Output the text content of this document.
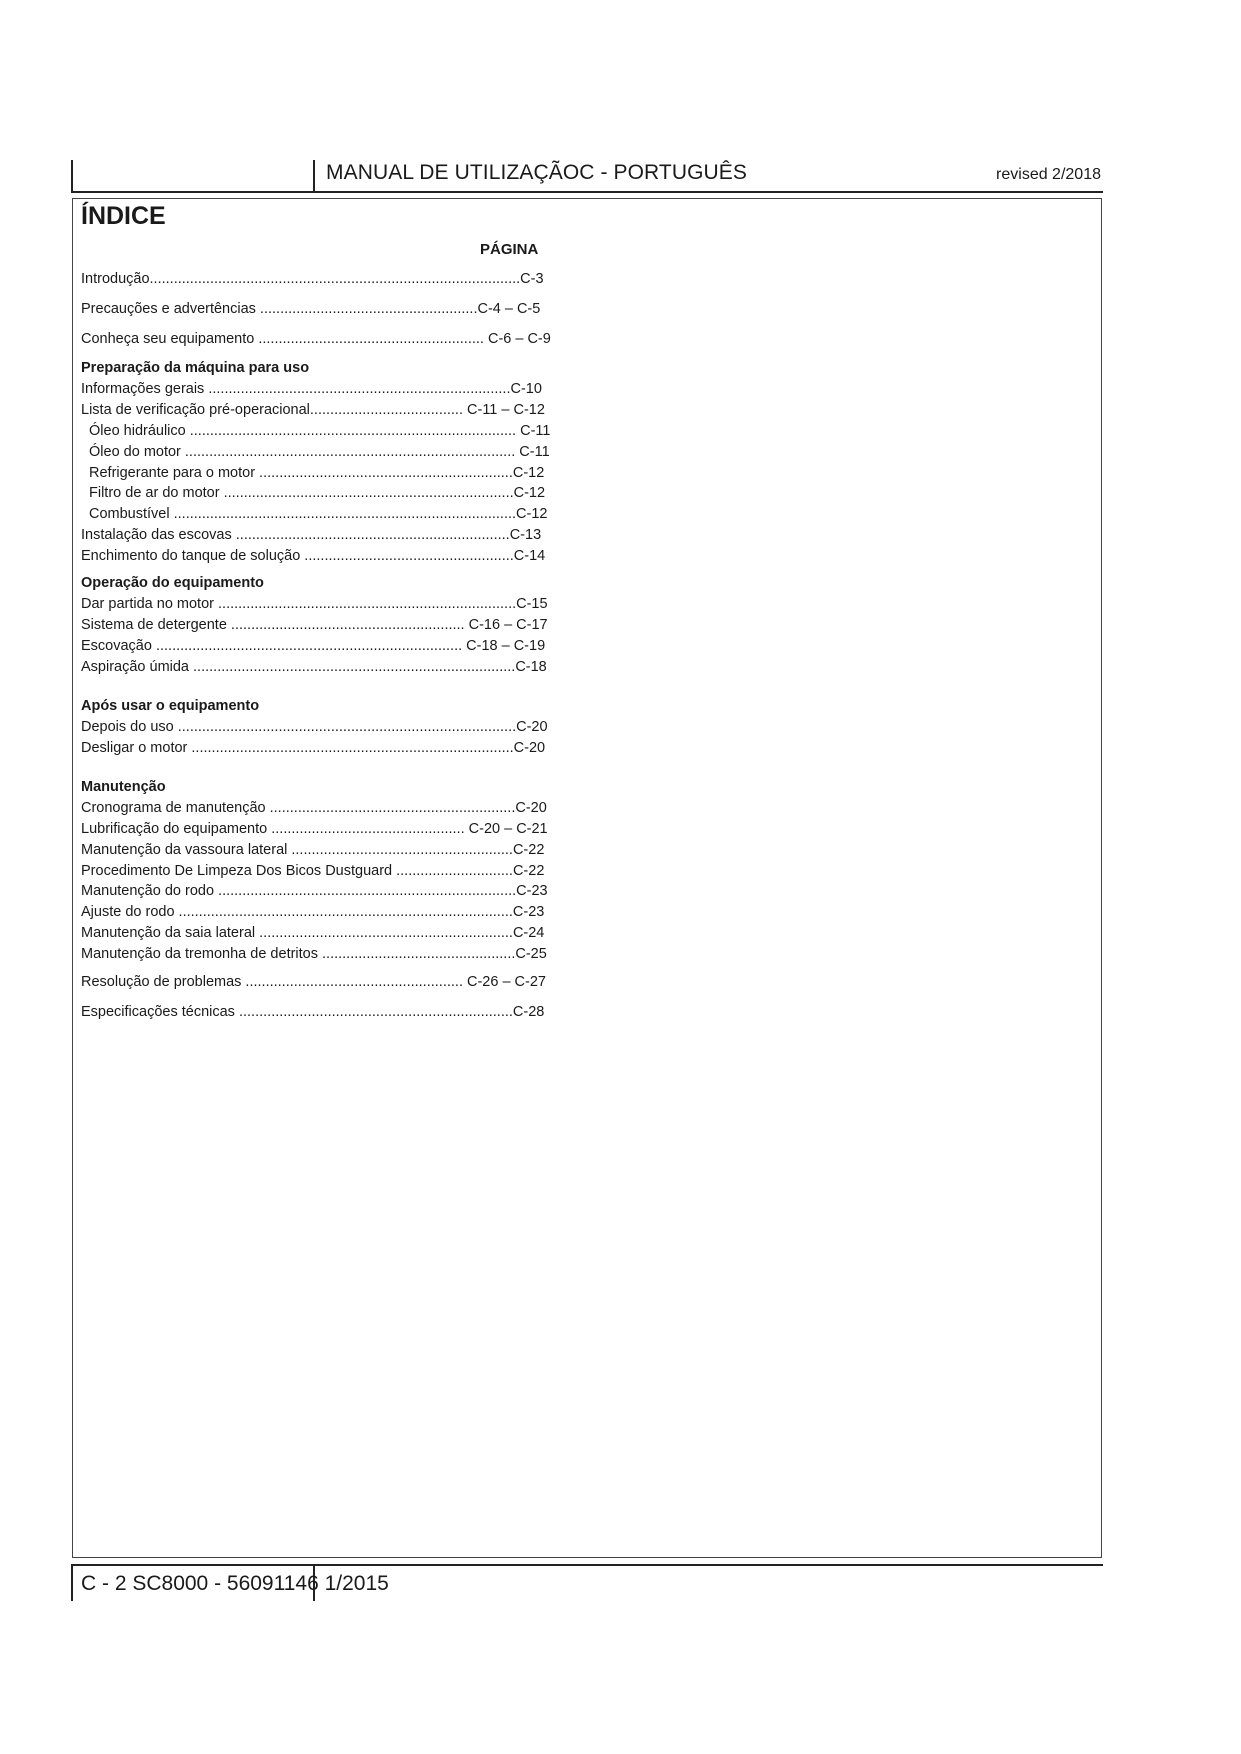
MANUAL DE UTILIZAÇÃOC - PORTUGUÊS	revised 2/2018
ÍNDICE
PÁGINA
Introdução............................................................................................C-3
Precauções e advertências ......................................................C-4 – C-5
Conheça seu equipamento ........................................................ C-6 – C-9
Preparação da máquina para uso
Informações gerais ...........................................................................C-10
Lista de verificação pré-operacional...................................... C-11 – C-12
Óleo hidráulico ................................................................................. C-11
Óleo do motor .................................................................................. C-11
Refrigerante para o motor ...............................................................C-12
Filtro de ar do motor ........................................................................C-12
Combustível .....................................................................................C-12
Instalação das escovas ....................................................................C-13
Enchimento do tanque de solução ....................................................C-14
Operação do equipamento
Dar partida no motor ..........................................................................C-15
Sistema de detergente .......................................................... C-16 – C-17
Escovação ............................................................................ C-18 – C-19
Aspiração úmida ................................................................................C-18
Após usar o equipamento
Depois do uso ....................................................................................C-20
Desligar o motor ................................................................................C-20
Manutenção
Cronograma de manutenção .............................................................C-20
Lubrificação do equipamento ................................................ C-20 – C-21
Manutenção da vassoura lateral .......................................................C-22
Procedimento De Limpeza Dos Bicos Dustguard .............................C-22
Manutenção do rodo ..........................................................................C-23
Ajuste do rodo ...................................................................................C-23
Manutenção da saia lateral ...............................................................C-24
Manutenção da tremonha de detritos ................................................C-25
Resolução de problemas ...................................................... C-26 – C-27
Especificações técnicas ....................................................................C-28
C - 2 SC8000 - 56091146 1/2015
